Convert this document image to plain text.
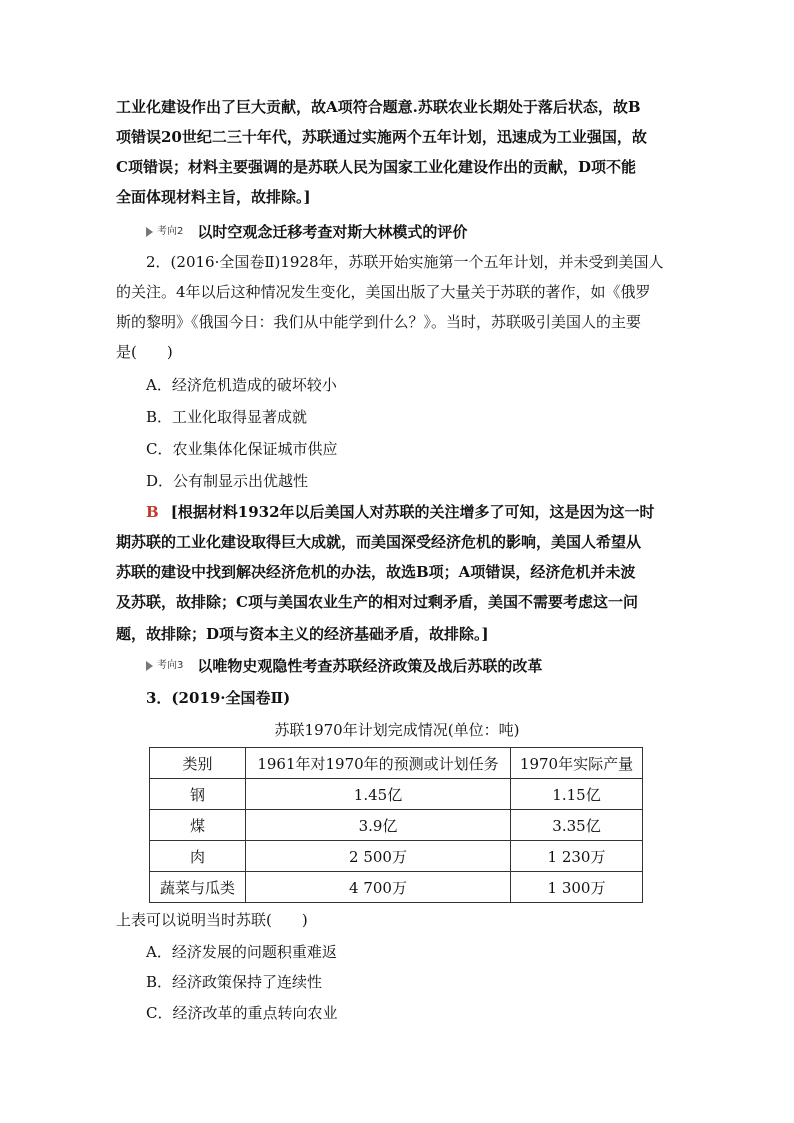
工业化建设作出了巨大贡献，故A项符合题意.苏联农业长期处于落后状态，故B
项错误20世纪二三十年代，苏联通过实施两个五年计划，迅速成为工业强国，故
C项错误；材料主要强调的是苏联人民为国家工业化建设作出的贡献，D项不能
全面体现材料主旨，故排除。]
考向2 以时空观念迁移考查对斯大林模式的评价
2．(2016·全国卷Ⅱ)1928年，苏联开始实施第一个五年计划，并未受到美国人
的关注。4年以后这种情况发生变化，美国出版了大量关于苏联的著作，如《俄罗
斯的黎明》《俄国今日：我们从中能学到什么？》。当时，苏联吸引美国人的主要
是(　　)
A．经济危机造成的破坏较小
B．工业化取得显著成就
C．农业集体化保证城市供应
D．公有制显示出优越性
B [根据材料1932年以后美国人对苏联的关注增多了可知，这是因为这一时
期苏联的工业化建设取得巨大成就，而美国深受经济危机的影响，美国人希望从
苏联的建设中找到解决经济危机的办法，故选B项；A项错误，经济危机并未波
及苏联，故排除；C项与美国农业生产的相对过剩矛盾，美国不需要考虑这一问
题，故排除；D项与资本主义的经济基础矛盾，故排除。]
考向3 以唯物史观隐性考查苏联经济政策及战后苏联的改革
3．(2019·全国卷Ⅱ)
苏联1970年计划完成情况(单位：吨)
类别	1961年对1970年的预测或计划任务	1970年实际产量
钢	1.45亿	1.15亿
煤	3.9亿	3.35亿
肉	2 500万	1 230万
蔬菜与瓜类	4 700万	1 300万
上表可以说明当时苏联(　　)
A．经济发展的问题积重难返
B．经济政策保持了连续性
C．经济改革的重点转向农业
